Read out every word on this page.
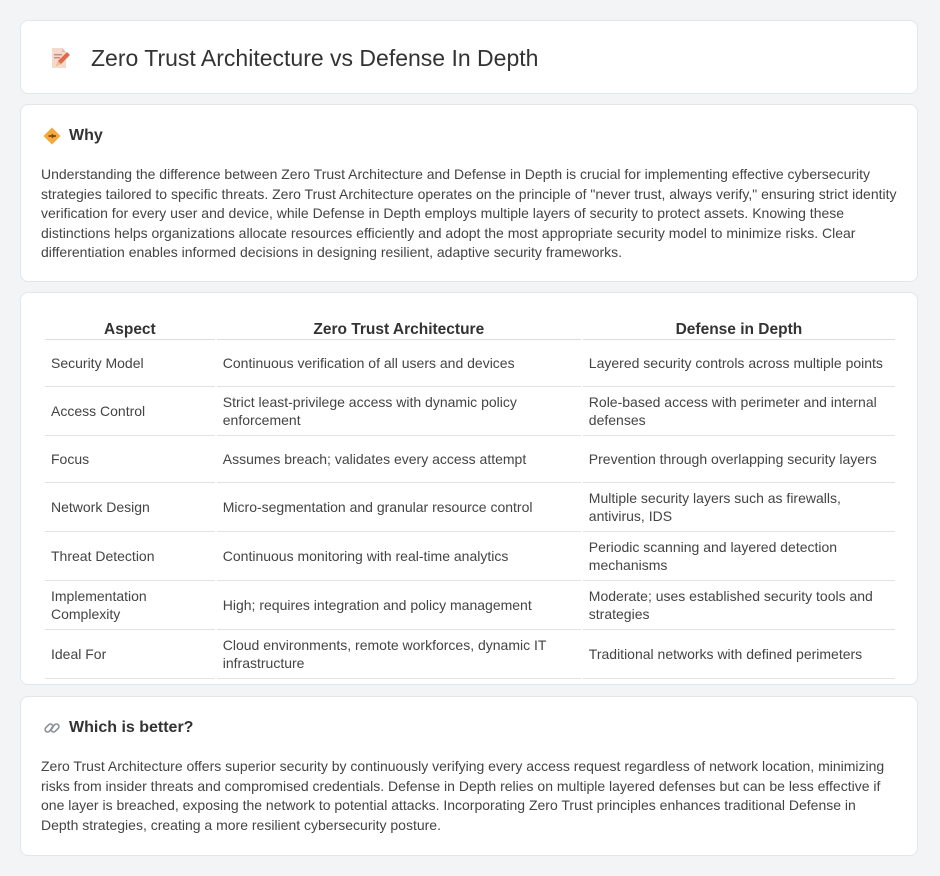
Zero Trust Architecture vs Defense In Depth
Why

Understanding the difference between Zero Trust Architecture and Defense in Depth is crucial for implementing effective cybersecurity strategies tailored to specific threats. Zero Trust Architecture operates on the principle of "never trust, always verify," ensuring strict identity verification for every user and device, while Defense in Depth employs multiple layers of security to protect assets. Knowing these distinctions helps organizations allocate resources efficiently and adopt the most appropriate security model to minimize risks. Clear differentiation enables informed decisions in designing resilient, adaptive security frameworks.

Aspect	Zero Trust Architecture	Defense in Depth
Security Model	Continuous verification of all users and devices	Layered security controls across multiple points
Access Control	Strict least-privilege access with dynamic policy enforcement	Role-based access with perimeter and internal defenses
Focus	Assumes breach; validates every access attempt	Prevention through overlapping security layers
Network Design	Micro-segmentation and granular resource control	Multiple security layers such as firewalls, antivirus, IDS
Threat Detection	Continuous monitoring with real-time analytics	Periodic scanning and layered detection mechanisms
Implementation Complexity	High; requires integration and policy management	Moderate; uses established security tools and strategies
Ideal For	Cloud environments, remote workforces, dynamic IT infrastructure	Traditional networks with defined perimeters
Which is better?

Zero Trust Architecture offers superior security by continuously verifying every access request regardless of network location, minimizing risks from insider threats and compromised credentials. Defense in Depth relies on multiple layered defenses but can be less effective if one layer is breached, exposing the network to potential attacks. Incorporating Zero Trust principles enhances traditional Defense in Depth strategies, creating a more resilient cybersecurity posture.
